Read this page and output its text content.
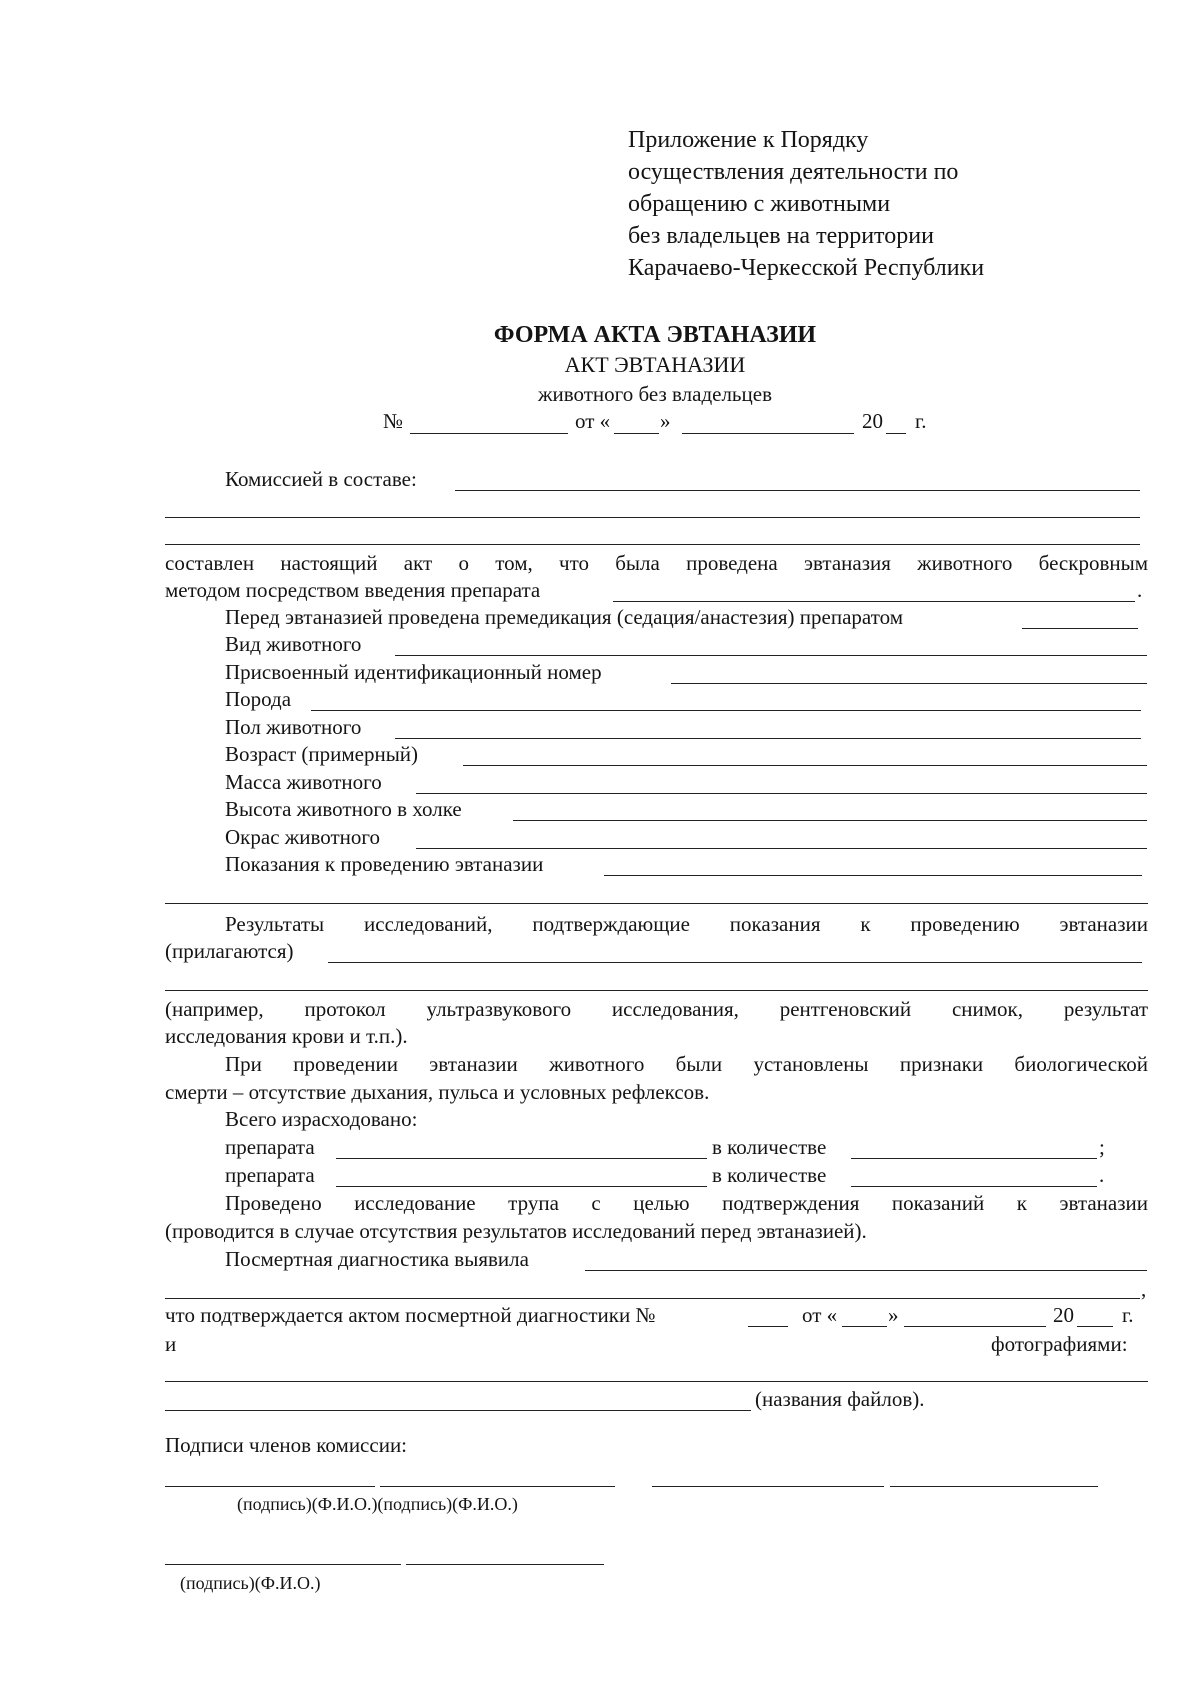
Приложение к Порядку
осуществления деятельности по
обращению с животными
без владельцев на территории
Карачаево-Черкесской Республики
ФОРМА АКТА ЭВТАНАЗИИ
АКТ ЭВТАНАЗИИ
животного без владельцев
№	от « »	20 г.
Комиссией в составе:
составлен настоящий акт о том, что была проведена эвтаназия животного бескровным
методом посредством введения препарата	.
Перед эвтаназией проведена премедикация (седация/анастезия) препаратом
Вид животного
Присвоенный идентификационный номер
Порода
Пол животного
Возраст (примерный)
Масса животного
Высота животного в холке
Окрас животного
Показания к проведению эвтаназии
Результаты исследований, подтверждающие показания к проведению эвтаназии
(прилагаются)
(например, протокол ультразвукового исследования, рентгеновский снимок, результат
исследования крови и т.п.).
При проведении эвтаназии животного были установлены признаки биологической
смерти – отсутствие дыхания, пульса и условных рефлексов.
Всего израсходовано:
препарата	в количестве	;
препарата	в количестве	.
Проведено исследование трупа с целью подтверждения показаний к эвтаназии
(проводится в случае отсутствия результатов исследований перед эвтаназией).
Посмертная диагностика выявила
,
что подтверждается актом посмертной диагностики №	от « »	20 г.
и	фотографиями:
(названия файлов).
Подписи членов комиссии:
(подпись)(Ф.И.О.)(подпись)(Ф.И.О.)
(подпись)(Ф.И.О.)
